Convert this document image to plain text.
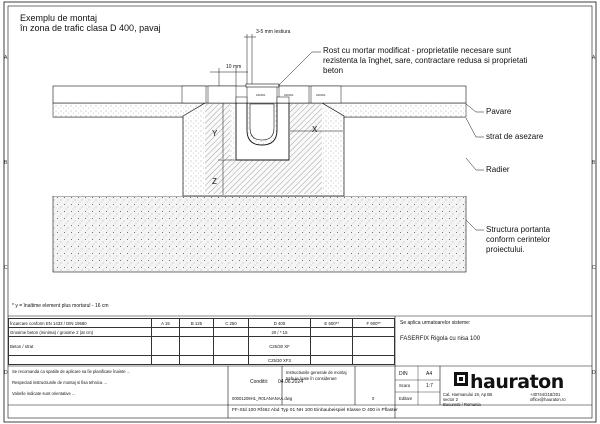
100/30/4	100/30/4	100/30/4
Exemplu de montaj
în zona de trafic clasa D 400, pavaj	3-5 mm lestiura
10 mm
X
Y
Z
Rost cu mortar modificat - proprietatile necesare sunt
rezistenta la înghet, sare, contractare redusa si proprietati
beton
Pavare
strat de asezare
Radier
Structura portanta
conform cerintelor
proiectului.
* y = înaltime element plus mortarul - 16 cm
A
B
C
D
A
B
C
D
Încarcare conform EN 1433 / DIN 19580	A 15	B 125	C 250	D 400	E 600**	F 900**
Grosime beton (minima) / grosime 2 (at cm)				20 / * 15		
Beton / strat				C25/30 XF		
				C25/30 XF3		
Se aplica urmatoarelor sisteme:
FASERFIX Rigola cu nisa 100
Se recomanda ca spatiile de aplicare sa fie planificate înainte ...
Respectati instructiunile de montaj si fisa tehnica ...
Valorile indicate sunt orientative ...
Conditii: 04.06.2024
00001209H1_R01ANANAA.dwg
Instructiunile generale de montaj
trebuie luate în considerare
0
DIN	A4
Scara	1:7
Editare
hauraton
Cal. Harmanului 19, Ap B5
sector 2
Bucuresti / Romania
+40744/218/201
office@hauraton.ro
FF-Std 100 Rf46z Abd Typ 01 NH 100 Einbaubeispiel Klasse D 400 in Pflaster
